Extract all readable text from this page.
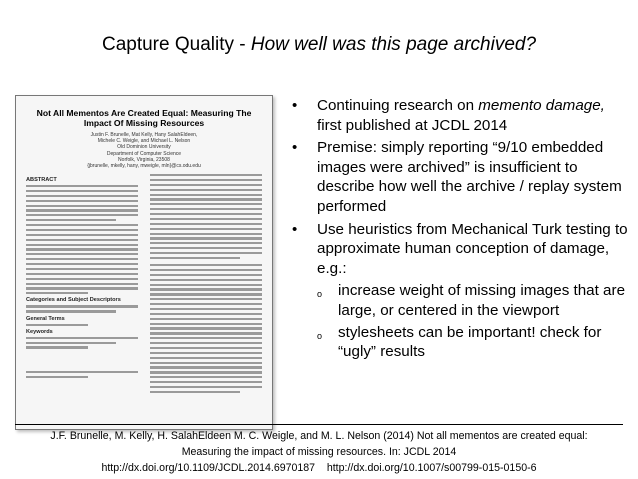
Capture Quality - How well was this page archived?
Not All Mementos Are Created Equal: Measuring The
Impact Of Missing Resources
Justin F. Brunelle, Mat Kelly, Hany SalahEldeen,
Michele C. Weigle, and Michael L. Nelson
Old Dominion University
Department of Computer Science
Norfolk, Virginia, 23508
{jbrunelle, mkelly, hany, mweigle, mln}@cs.odu.edu
ABSTRACT
Categories and Subject Descriptors
General Terms
Keywords
• Continuing research on memento damage, first published at JCDL 2014
• Premise: simply reporting “9/10 embedded images were archived” is insufficient to describe how well the archive / replay system performed
• Use heuristics from Mechanical Turk testing to approximate human conception of damage, e.g.:
o increase weight of missing images that are large, or centered in the viewport
o stylesheets can be important! check for “ugly” results
J.F. Brunelle, M. Kelly, H. SalahEldeen M. C. Weigle, and M. L. Nelson (2014) Not all mementos are created equal:
Measuring the impact of missing resources. In: JCDL 2014
http://dx.doi.org/10.1109/JCDL.2014.6970187    http://dx.doi.org/10.1007/s00799-015-0150-6
